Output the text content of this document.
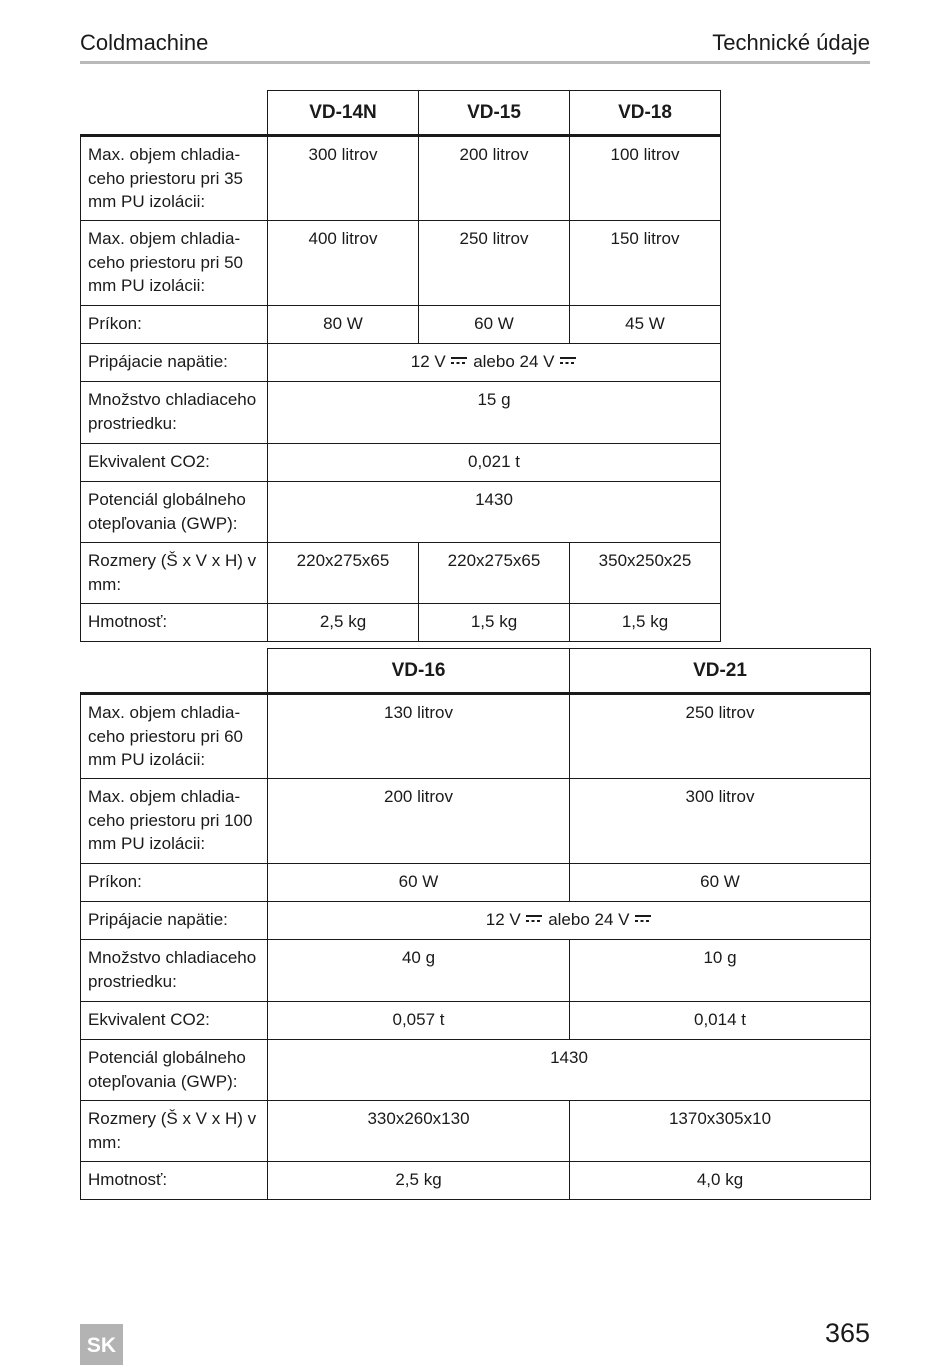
Coldmachine	Technické údaje
	VD-14N	VD-15	VD-18
Max. objem chladia-ceho priestoru pri 35 mm PU izolácii:	300 litrov	200 litrov	100 litrov
Max. objem chladia-ceho priestoru pri 50 mm PU izolácii:	400 litrov	250 litrov	150 litrov
Príkon:	80 W	60 W	45 W
Pripájacie napätie:	12 V alebo 24 V		

Množstvo chladiaceho prostriedku:	15 g		
Ekvivalent CO2:	0,021 t		
Potenciál globálneho otepľovania (GWP):	1430		
Rozmery (Š x V x H) v mm:	220x275x65	220x275x65	350x250x25
Hmotnosť:	2,5 kg	1,5 kg	1,5 kg
	VD-16	VD-21
Max. objem chladia-ceho priestoru pri 60 mm PU izolácii:	130 litrov	250 litrov
Max. objem chladia-ceho priestoru pri 100 mm PU izolácii:	200 litrov	300 litrov
Príkon:	60 W	60 W
Pripájacie napätie:	12 V alebo 24 V	

Množstvo chladiaceho prostriedku:	40 g	10 g
Ekvivalent CO2:	0,057 t	0,014 t
Potenciál globálneho otepľovania (GWP):	1430	
Rozmery (Š x V x H) v mm:	330x260x130	1370x305x10
Hmotnosť:	2,5 kg	4,0 kg
SK	365
